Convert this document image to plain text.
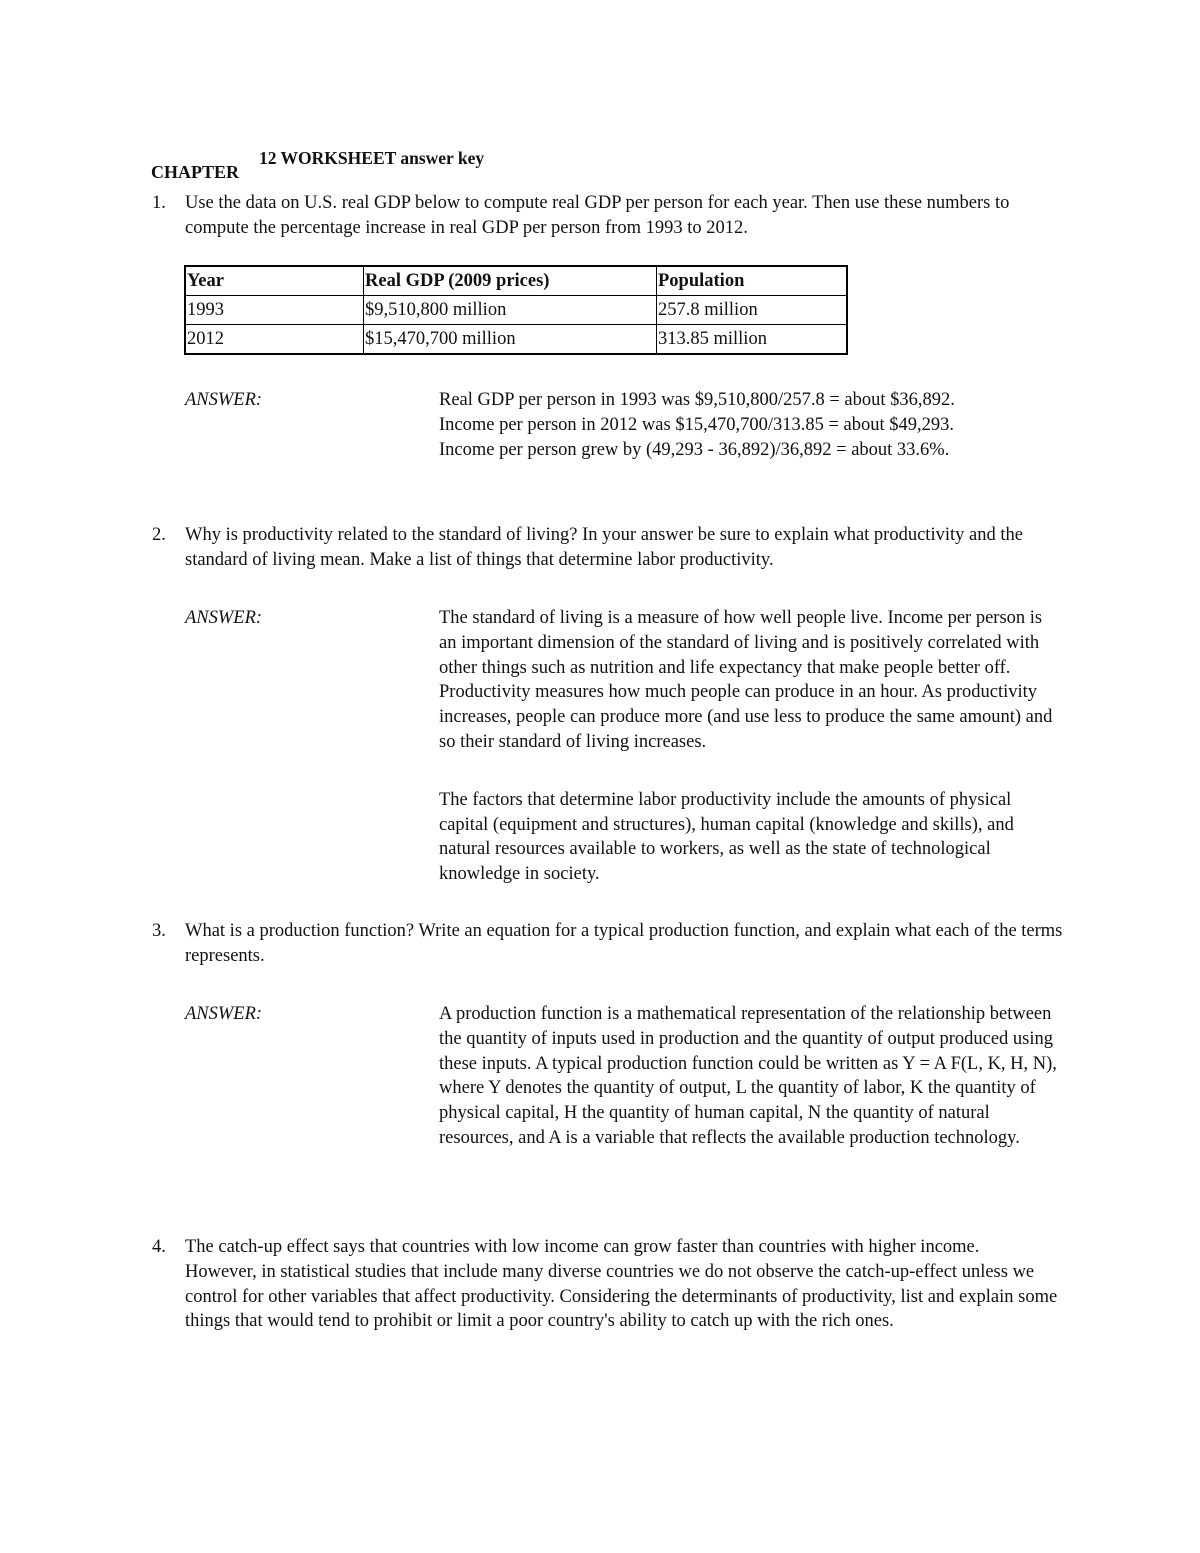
CHAPTER
12 WORKSHEET answer key
1. Use the data on U.S. real GDP below to compute real GDP per person for each year. Then use these numbers to compute the percentage increase in real GDP per person from 1993 to 2012.
Year	Real GDP (2009 prices)	Population
1993	$9,510,800 million	257.8 million
2012	$15,470,700 million	313.85 million
ANSWER:	Real GDP per person in 1993 was $9,510,800/257.8 = about $36,892.
Income per person in 2012 was $15,470,700/313.85 = about $49,293.
Income per person grew by (49,293 - 36,892)/36,892 = about 33.6%.
2. Why is productivity related to the standard of living? In your answer be sure to explain what productivity and the standard of living mean. Make a list of things that determine labor productivity.
ANSWER:	The standard of living is a measure of how well people live. Income per person is an important dimension of the standard of living and is positively correlated with other things such as nutrition and life expectancy that make people better off. Productivity measures how much people can produce in an hour. As productivity increases, people can produce more (and use less to produce the same amount) and so their standard of living increases.

The factors that determine labor productivity include the amounts of physical capital (equipment and structures), human capital (knowledge and skills), and natural resources available to workers, as well as the state of technological knowledge in society.

3. What is a production function? Write an equation for a typical production function, and explain what each of the terms represents.
ANSWER:	A production function is a mathematical representation of the relationship between the quantity of inputs used in production and the quantity of output produced using these inputs. A typical production function could be written as Y = A F(L, K, H, N), where Y denotes the quantity of output, L the quantity of labor, K the quantity of physical capital, H the quantity of human capital, N the quantity of natural resources, and A is a variable that reflects the available production technology.

4. The catch-up effect says that countries with low income can grow faster than countries with higher income.
However, in statistical studies that include many diverse countries we do not observe the catch-up-effect unless we control for other variables that affect productivity. Considering the determinants of productivity, list and explain some things that would tend to prohibit or limit a poor country's ability to catch up with the rich ones.
